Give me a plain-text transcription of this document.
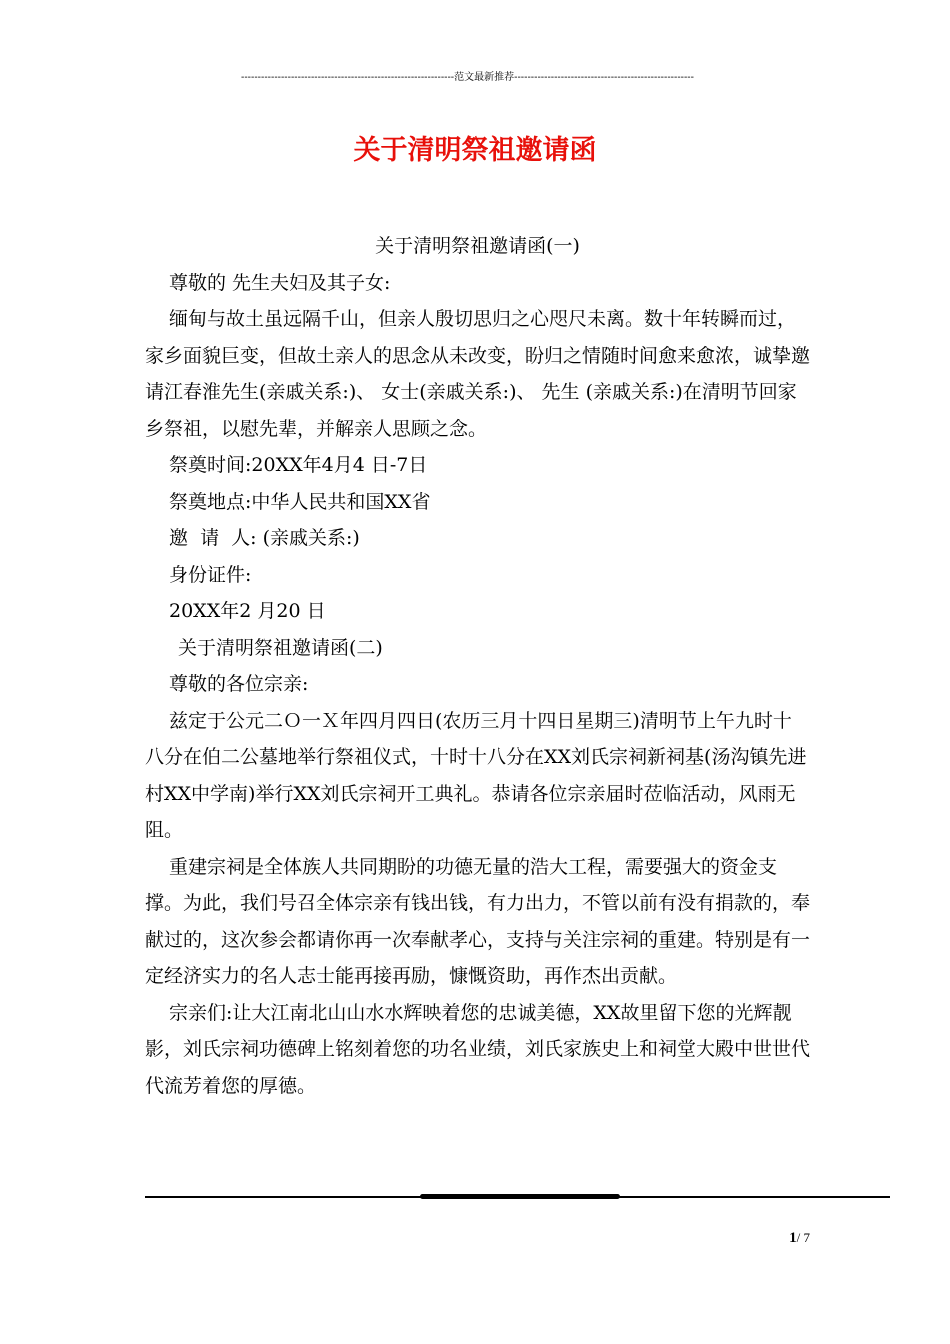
----------------------------------------------------------------范文最新推荐------------------------------------------------------
关于清明祭祖邀请函

关于清明祭祖邀请函(一)

尊敬的 先生夫妇及其子女:

缅甸与故土虽远隔千山，但亲人殷切思归之心咫尺未离。数十年转瞬而过，家乡面貌巨变，但故土亲人的思念从未改变，盼归之情随时间愈来愈浓，诚挚邀请江春淮先生(亲戚关系:)、 女士(亲戚关系:)、 先生 (亲戚关系:)在清明节回家乡祭祖，以慰先辈，并解亲人思顾之念。

祭奠时间:20XX年4月4 日-7日

祭奠地点:中华人民共和国XX省

邀  请  人: (亲戚关系:)

身份证件:

20XX年2 月20 日

关于清明祭祖邀请函(二)

尊敬的各位宗亲:

兹定于公元二Ｏ一Ｘ年四月四日(农历三月十四日星期三)清明节上午九时十八分在伯二公墓地举行祭祖仪式，十时十八分在XX刘氏宗祠新祠基(汤沟镇先进村XX中学南)举行XX刘氏宗祠开工典礼。恭请各位宗亲届时莅临活动，风雨无阻。

重建宗祠是全体族人共同期盼的功德无量的浩大工程，需要强大的资金支撑。为此，我们号召全体宗亲有钱出钱，有力出力，不管以前有没有捐款的，奉献过的，这次参会都请你再一次奉献孝心，支持与关注宗祠的重建。特别是有一定经济实力的名人志士能再接再励，慷慨资助，再作杰出贡献。

宗亲们:让大江南北山山水水辉映着您的忠诚美德，XX故里留下您的光辉靓影，刘氏宗祠功德碑上铭刻着您的功名业绩，刘氏家族史上和祠堂大殿中世世代代流芳着您的厚德。

1/ 7
